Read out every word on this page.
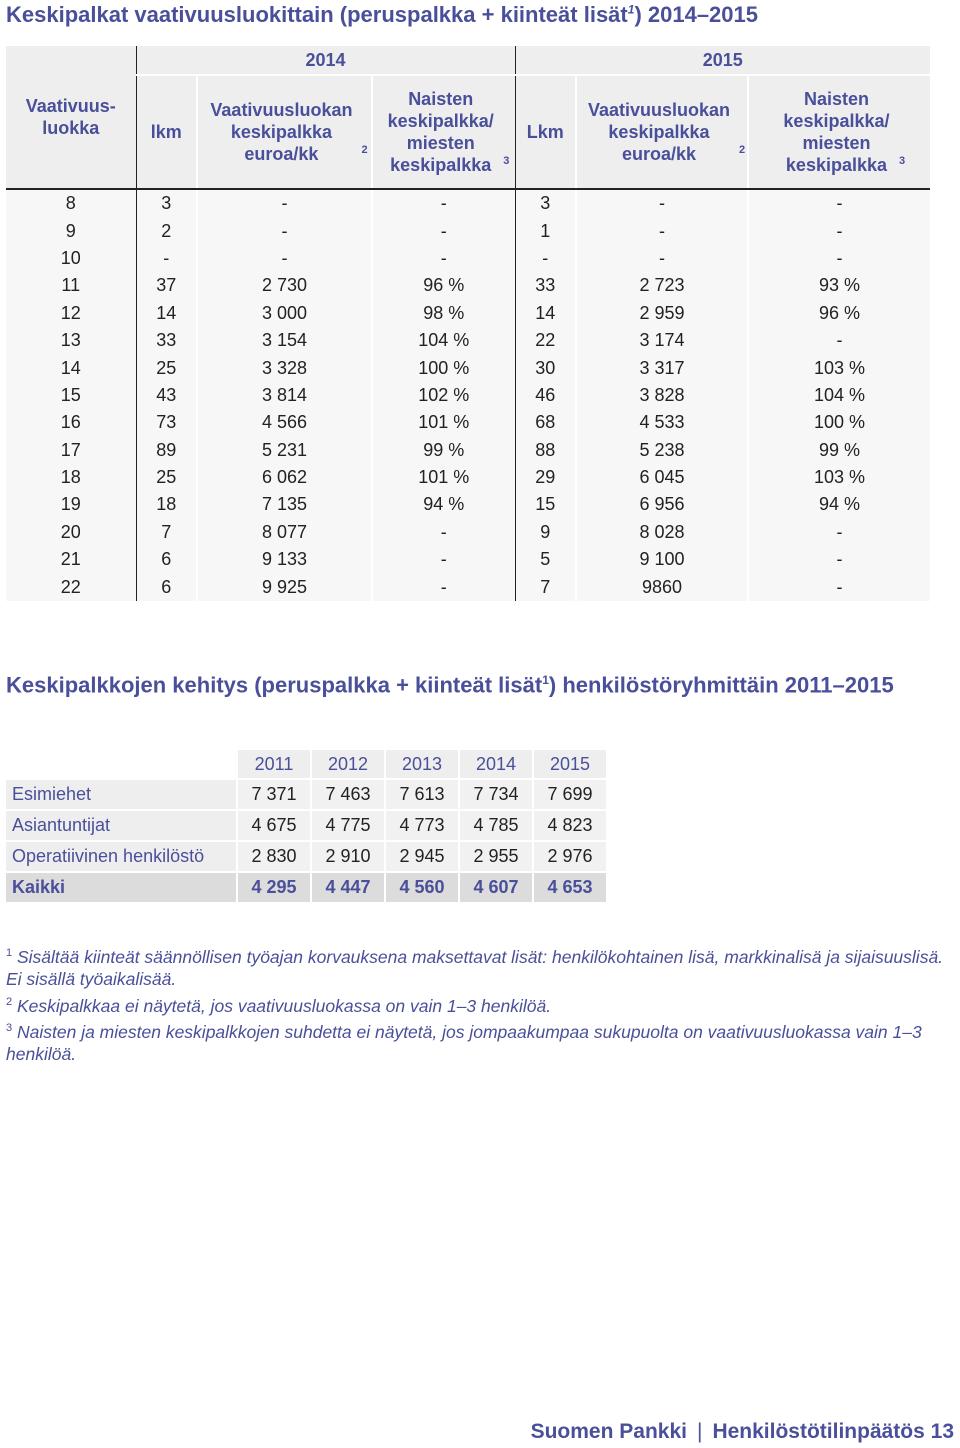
Keskipalkat vaativuusluokittain (peruspalkka + kiinteät lisät$^1$) 2014–2015
Vaativuus-luokka	2014			2015		
	lkm	Vaativuusluokan keskipalkka euroa/kk $^2$	Naisten keskipalkka/ miesten keskipalkka $^3$	Lkm	Vaativuusluokan keskipalkka euroa/kk $^2$	Naisten keskipalkka/ miesten keskipalkka $^3$
8	3	-	-	3	-	-
9	2	-	-	1	-	-
10	-	-	-	-	-	-
11	37	2 730	96 %	33	2 723	93 %
12	14	3 000	98 %	14	2 959	96 %
13	33	3 154	104 %	22	3 174	-
14	25	3 328	100 %	30	3 317	103 %
15	43	3 814	102 %	46	3 828	104 %
16	73	4 566	101 %	68	4 533	100 %
17	89	5 231	99 %	88	5 238	99 %
18	25	6 062	101 %	29	6 045	103 %
19	18	7 135	94 %	15	6 956	94 %
20	7	8 077	-	9	8 028	-
21	6	9 133	-	5	9 100	-
22	6	9 925	-	7	9860	-
Keskipalkkojen kehitys (peruspalkka + kiinteät lisät$^1$) henkilöstöryhmittäin 2011–2015
	2011	2012	2013	2014	2015
Esimiehet	7 371	7 463	7 613	7 734	7 699
Asiantuntijat	4 675	4 775	4 773	4 785	4 823
Operatiivinen henkilöstö	2 830	2 910	2 945	2 955	2 976
Kaikki	4 295	4 447	4 560	4 607	4 653

$^1$ Sisältää kiinteät säännöllisen työajan korvauksena maksettavat lisät: henkilökohtainen lisä, markkinalisä ja sijaisuuslisä. Ei sisällä työaikalisää.

$^2$ Keskipalkkaa ei näytetä, jos vaativuusluokassa on vain 1–3 henkilöä.

$^3$ Naisten ja miesten keskipalkkojen suhdetta ei näytetä, jos jompaakumpaa sukupuolta on vaativuusluokassa vain 1–3 henkilöä.

Suomen Pankki | Henkilöstötilinpäätös 13
